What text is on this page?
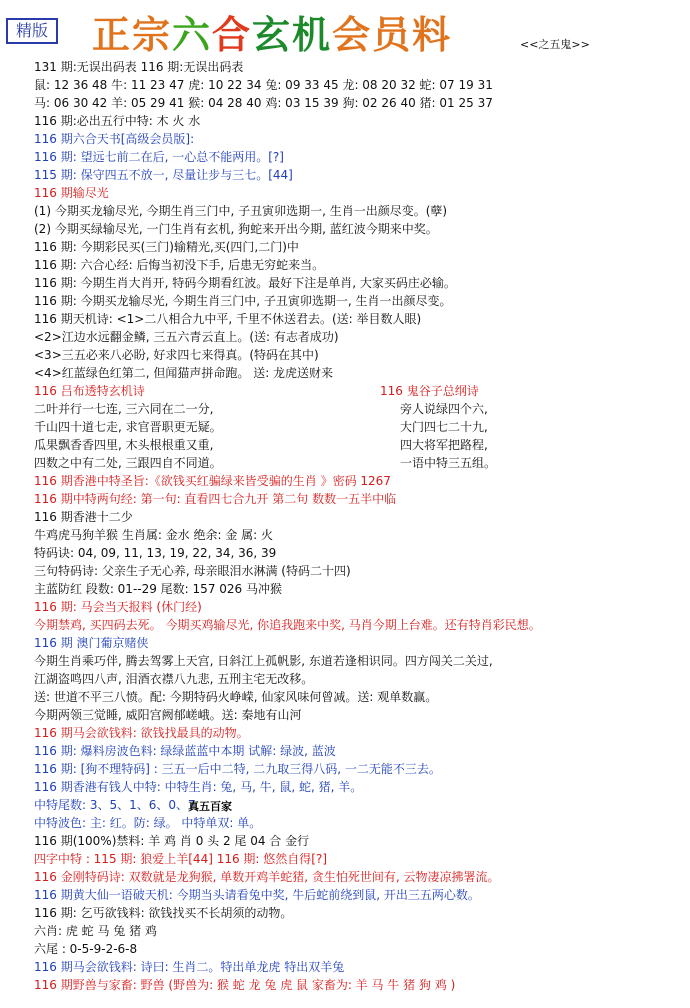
精版 正宗六合玄机会员料	<<之五鬼>>
131 期:无误出码表 116 期:无误出码表
鼠: 12 36 48 牛: 11 23 47 虎: 10 22 34 兔: 09 33 45 龙: 08 20 32 蛇: 07 19 31
马: 06 30 42 羊: 05 29 41 猴: 04 28 40 鸡: 03 15 39 狗: 02 26 40 猪: 01 25 37
116 期:必出五行中特: 木 火 水
116 期六合天书[高级会员版]:
116 期: 望远七前二在后, 一心总不能两用。[?]
115 期: 保守四五不放一, 尽量让步与三七。[44]
116 期输尽光
(1) 今期买龙输尽光, 今期生肖三门中, 子丑寅卯选期一, 生肖一出颜尽变。(孽)
(2) 今期买绿输尽光, 一门生肖有玄机, 狗蛇来开出今期, 蓝红波今期来中奖。
116 期: 今期彩民买(三门)输精光,买(四门,二门)中
116 期: 六合心经: 后悔当初没下手, 后患无穷蛇来当。
116 期: 今期生肖大肖开, 特码今期看红波。最好下注是单肖, 大家买码庄必输。
116 期: 今期买龙输尽光, 今期生肖三门中, 子丑寅卯选期一, 生肖一出颜尽变。
116 期天机诗: <1>二八相合九中平, 千里不休送君去。(送: 举目数人眼)
<2>江边水远翻金鳞, 三五六青云直上。(送: 有志者成功)
<3>三五必来八必盼, 好求四七来得真。(特码在其中)
<4>红蓝绿色红第二, 但闻猫声拼命跑。 送: 龙虎送财来
116 吕布透特玄机诗
二叶并行一七连, 三六同在二一分,
千山四十道七走, 求官晋职更无疑。
瓜果飘香香四里, 木头根根重又重,
四数之中有二处, 三跟四自不同道。
116 鬼谷子总纲诗
旁人说绿四个六,
大门四七二十九,
四大将军把路程,
一语中特三五组。
116 期香港中特圣旨:《欲钱买红骗绿来皆受骗的生肖 》密码 1267
116 期中特两句经: 第一句: 直看四七合九开 第二句 数数一五半中临
116 期香港十二少
牛鸡虎马狗羊猴 生肖属: 金水 绝余: 金 属: 火
特码诀: 04, 09, 11, 13, 19, 22, 34, 36, 39
三句特码诗: 父亲生子无心养, 母亲眼泪水淋满 (特码二十四)
主蓝防红 段数: 01--29 尾数: 157 026 马冲猴
116 期: 马会当天报料 (休门经)
今期禁鸡, 买四码去死。 今期买鸡输尽光, 你追我跑来中奖, 马肖今期上台难。还有特肖彩民想。
116 期 澳门葡京赌侠
今期生肖乘巧伴, 腾去驾雾上天宫, 日斜江上孤帆影, 东道若逢相识同。四方闯关二关过,
江湖盗鸣四八声, 泪酒衣襟八九悲, 五刑主宅无改移。
送: 世道不平三八愤。配: 今期特码火峥嵘, 仙家风味何曾减。送: 观单数赢。
今期两领三觉睡, 威阳宫阙郁嵯峨。送: 秦地有山河
116 期马会欲钱料: 欲钱找最具的动物。
116 期: 爆料房波色料: 绿绿蓝蓝中本期 试解: 绿波, 蓝波
116 期: [狗不理特码] : 三五一后中二特, 二九取三得八码, 一二无能不三去。
116 期香港有钱人中特: 中特生肖: 兔, 马, 牛, 鼠, 蛇, 猪, 羊。
中特尾数: 3、5、1、6、0、7
中特波色: 主: 红。防: 绿。 中特单双: 单。
116 期(100%)禁料: 羊 鸡 肖 0 头 2 尾 04 合 金行
四字中特 : 115 期: 狼爱上羊[44] 116 期: 悠然自得[?]
116 金刚特码诗: 双数就是龙狗猴, 单数开鸡羊蛇猪, 贪生怕死世间有, 云物凄凉拂署流。
116 期黄大仙一语破天机: 今期当头请看兔中奖, 牛后蛇前绕到鼠, 开出三五两心数。
116 期: 乞丐欲钱料: 欲钱找买不长胡须的动物。
六肖: 虎 蛇 马 兔 猪 鸡
六尾 : 0-5-9-2-6-8
116 期马会欲钱料: 诗曰: 生肖二。特出单龙虎 特出双羊兔
116 期野兽与家畜: 野兽 (野兽为: 猴 蛇 龙 兔 虎 鼠 家畜为: 羊 马 牛 猪 狗 鸡 )
真五百家
